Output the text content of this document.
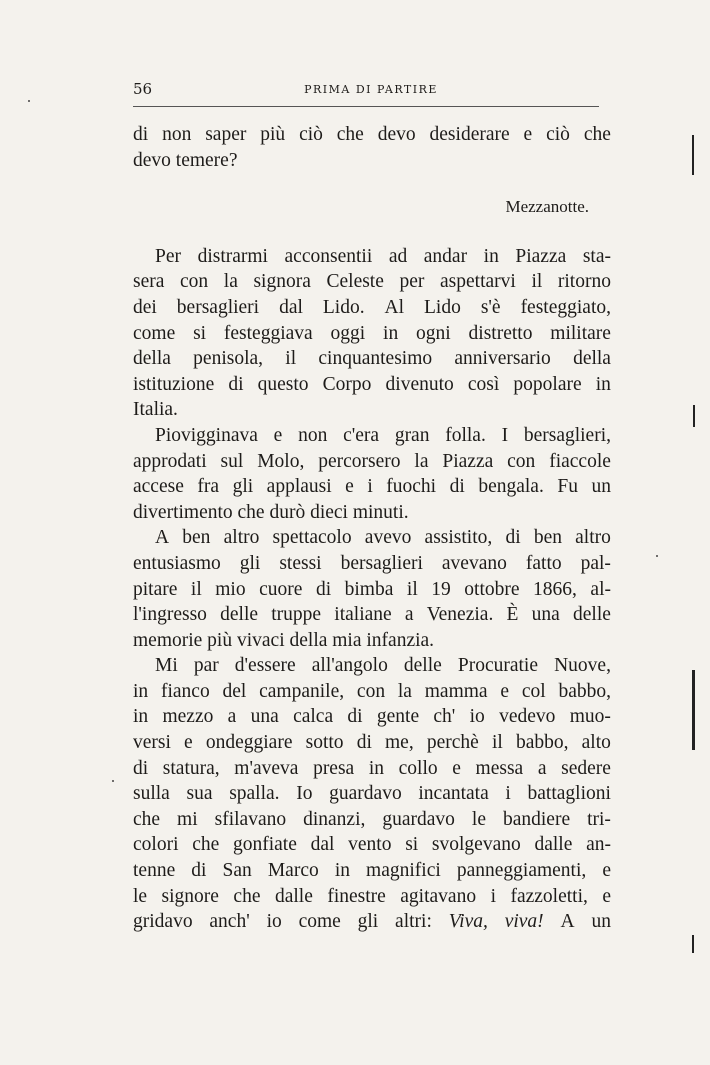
56	PRIMA DI PARTIRE
di non saper più ciò che devo desiderare e ciò che
devo temere?
Mezzanotte.
Per distrarmi acconsentii ad andar in Piazza sta-
sera con la signora Celeste per aspettarvi il ritorno
dei bersaglieri dal Lido. Al Lido s'è festeggiato,
come si festeggiava oggi in ogni distretto militare
della penisola, il cinquantesimo anniversario della
istituzione di questo Corpo divenuto così popolare in
Italia.
Piovigginava e non c'era gran folla. I bersaglieri,
approdati sul Molo, percorsero la Piazza con fiaccole
accese fra gli applausi e i fuochi di bengala. Fu un
divertimento che durò dieci minuti.
A ben altro spettacolo avevo assistito, di ben altro
entusiasmo gli stessi bersaglieri avevano fatto pal-
pitare il mio cuore di bimba il 19 ottobre 1866, al-
l'ingresso delle truppe italiane a Venezia. È una delle
memorie più vivaci della mia infanzia.
Mi par d'essere all'angolo delle Procuratie Nuove,
in fianco del campanile, con la mamma e col babbo,
in mezzo a una calca di gente ch' io vedevo muo-
versi e ondeggiare sotto di me, perchè il babbo, alto
di statura, m'aveva presa in collo e messa a sedere
sulla sua spalla. Io guardavo incantata i battaglioni
che mi sfilavano dinanzi, guardavo le bandiere tri-
colori che gonfiate dal vento si svolgevano dalle an-
tenne di San Marco in magnifici panneggiamenti, e
le signore che dalle finestre agitavano i fazzoletti, e
gridavo anch' io come gli altri: Viva, viva! A un
